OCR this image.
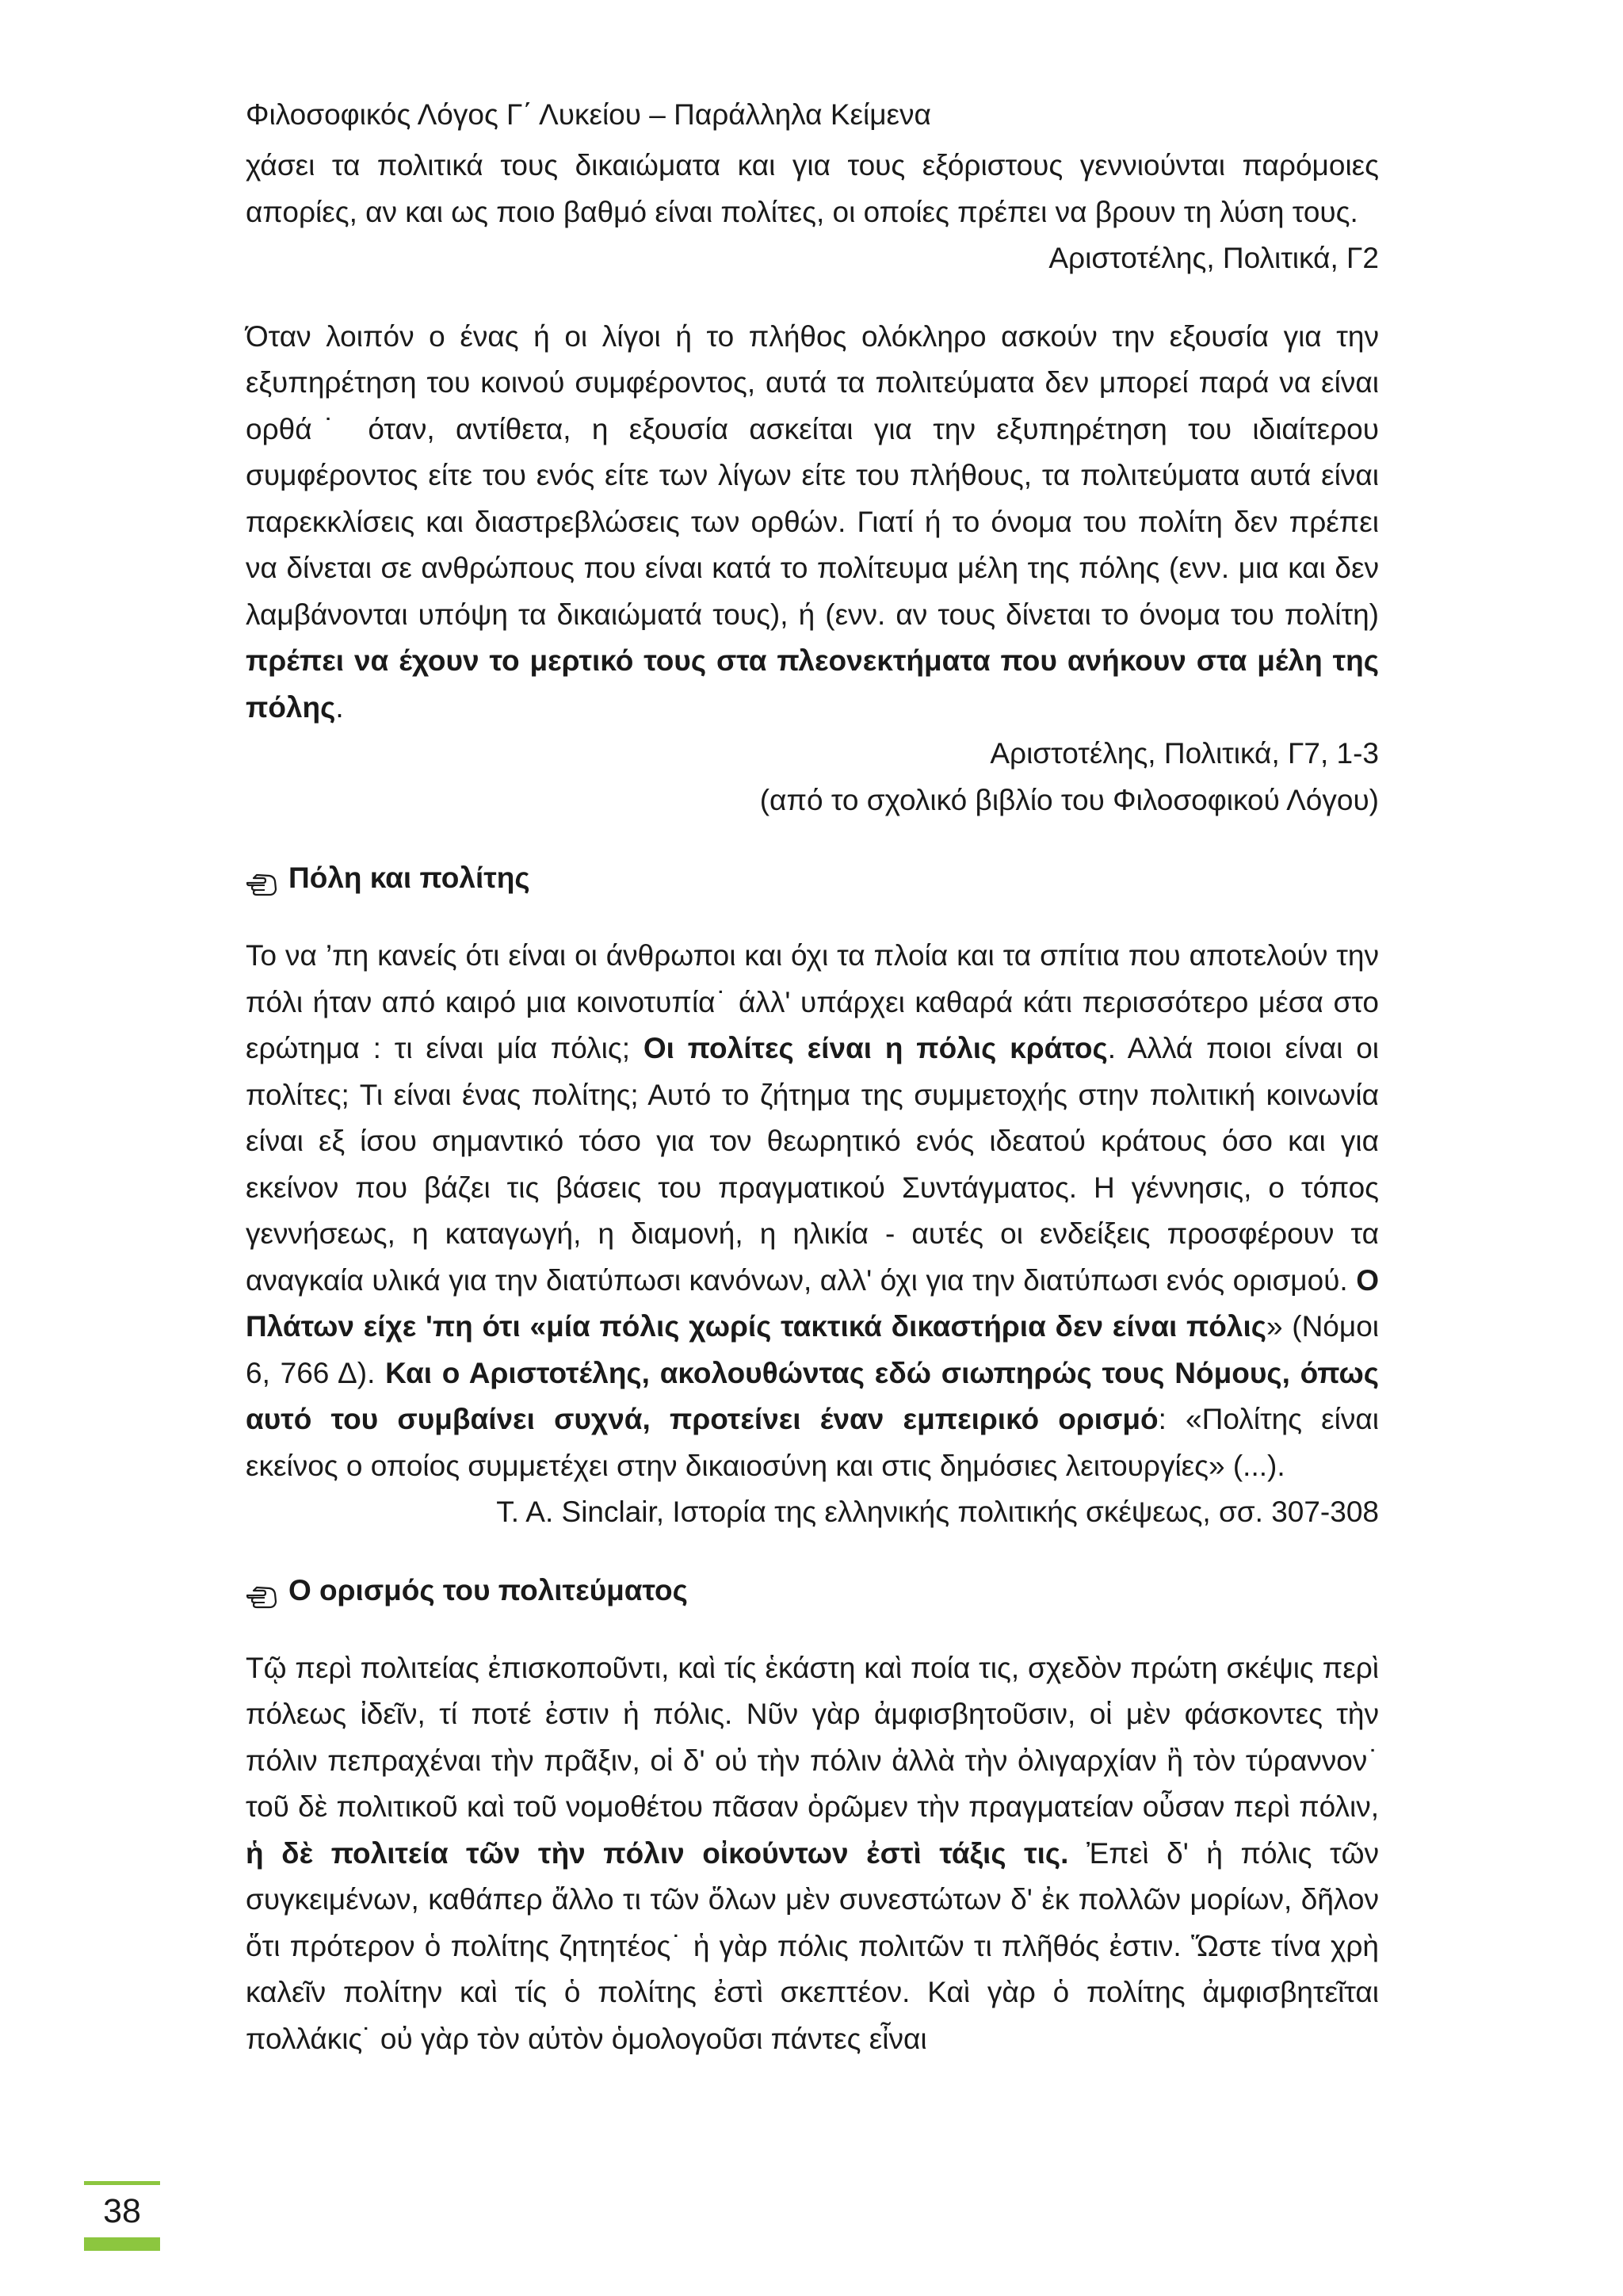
Φιλοσοφικός Λόγος Γ΄ Λυκείου – Παράλληλα Κείμενα

χάσει τα πολιτικά τους δικαιώματα και για τους εξόριστους γεννιούνται παρόμοιες απορίες, αν και ως ποιο βαθμό είναι πολίτες, οι οποίες πρέπει να βρουν τη λύση τους.

Αριστοτέλης, Πολιτικά, Γ2

Όταν λοιπόν ο ένας ή οι λίγοι ή το πλήθος ολόκληρο ασκούν την εξουσία για την εξυπηρέτηση του κοινού συμφέροντος, αυτά τα πολιτεύματα δεν μπορεί παρά να είναι ορθά˙ όταν, αντίθετα, η εξουσία ασκείται για την εξυπηρέτηση του ιδιαίτερου συμφέροντος είτε του ενός είτε των λίγων είτε του πλήθους, τα πολιτεύματα αυτά είναι παρεκκλίσεις και διαστρεβλώσεις των ορθών. Γιατί ή το όνομα του πολίτη δεν πρέπει να δίνεται σε ανθρώπους που είναι κατά το πολίτευμα μέλη της πόλης (ενν. μια και δεν λαμβάνονται υπόψη τα δικαιώματά τους), ή (ενν. αν τους δίνεται το όνομα του πολίτη) πρέπει να έχουν το μερτικό τους στα πλεονεκτήματα που ανήκουν στα μέλη της πόλης.

Αριστοτέλης, Πολιτικά, Γ7, 1-3
(από το σχολικό βιβλίο του Φιλοσοφικού Λόγου)
Πόλη και πολίτης

Το να ’πη κανείς ότι είναι οι άνθρωποι και όχι τα πλοία και τα σπίτια που αποτελούν την πόλι ήταν από καιρό μια κοινοτυπία˙ άλλ' υπάρχει καθαρά κάτι περισσότερο μέσα στο ερώτημα : τι είναι μία πόλις; Οι πολίτες είναι η πόλις κράτος. Αλλά ποιοι είναι οι πολίτες; Τι είναι ένας πολίτης; Αυτό το ζήτημα της συμμετοχής στην πολιτική κοινωνία είναι εξ ίσου σημαντικό τόσο για τον θεωρητικό ενός ιδεατού κράτους όσο και για εκείνον που βάζει τις βάσεις του πραγματικού Συντάγματος. Η γέννησις, ο τόπος γεννήσεως, η καταγωγή, η διαμονή, η ηλικία - αυτές οι ενδείξεις προσφέρουν τα αναγκαία υλικά για την διατύπωσι κανόνων, αλλ' όχι για την διατύπωσι ενός ορισμού. Ο Πλάτων είχε 'πη ότι «μία πόλις χωρίς τακτικά δικαστήρια δεν είναι πόλις» (Νόμοι 6, 766 Δ). Και ο Αριστοτέλης, ακολουθώντας εδώ σιωπηρώς τους Νόμους, όπως αυτό του συμβαίνει συχνά, προτείνει έναν εμπειρικό ορισμό: «Πολίτης είναι εκείνος ο οποίος συμμετέχει στην δικαιοσύνη και στις δημόσιες λειτουργίες» (...).

T. A. Sinclair, Ιστορία της ελληνικής πολιτικής σκέψεως, σσ. 307-308
Ο ορισμός του πολιτεύματος

Τῷ περὶ πολιτείας ἐπισκοποῦντι, καὶ τίς ἑκάστη καὶ ποία τις, σχεδὸν πρώτη σκέψις περὶ πόλεως ἰδεῖν, τί ποτέ ἐστιν ἡ πόλις. Νῦν γὰρ ἀμφισβητοῦσιν, οἱ μὲν φάσκοντες τὴν πόλιν πεπραχέναι τὴν πρᾶξιν, οἱ δ' οὐ τὴν πόλιν ἀλλὰ τὴν ὀλιγαρχίαν ἢ τὸν τύραννον˙ τοῦ δὲ πολιτικοῦ καὶ τοῦ νομοθέτου πᾶσαν ὁρῶμεν τὴν πραγματείαν οὖσαν περὶ πόλιν, ἡ δὲ πολιτεία τῶν τὴν πόλιν οἰκούντων ἐστὶ τάξις τις. Ἐπεὶ δ' ἡ πόλις τῶν συγκειμένων, καθάπερ ἄλλο τι τῶν ὅλων μὲν συνεστώτων δ' ἐκ πολλῶν μορίων, δῆλον ὅτι πρότερον ὁ πολίτης ζητητέος˙ ἡ γὰρ πόλις πολιτῶν τι πλῆθός ἐστιν. Ὥστε τίνα χρὴ καλεῖν πολίτην καὶ τίς ὁ πολίτης ἐστὶ σκεπτέον. Καὶ γὰρ ὁ πολίτης ἀμφισβητεῖται πολλάκις˙ οὐ γὰρ τὸν αὐτὸν ὁμολογοῦσι πάντες εἶναι

38
